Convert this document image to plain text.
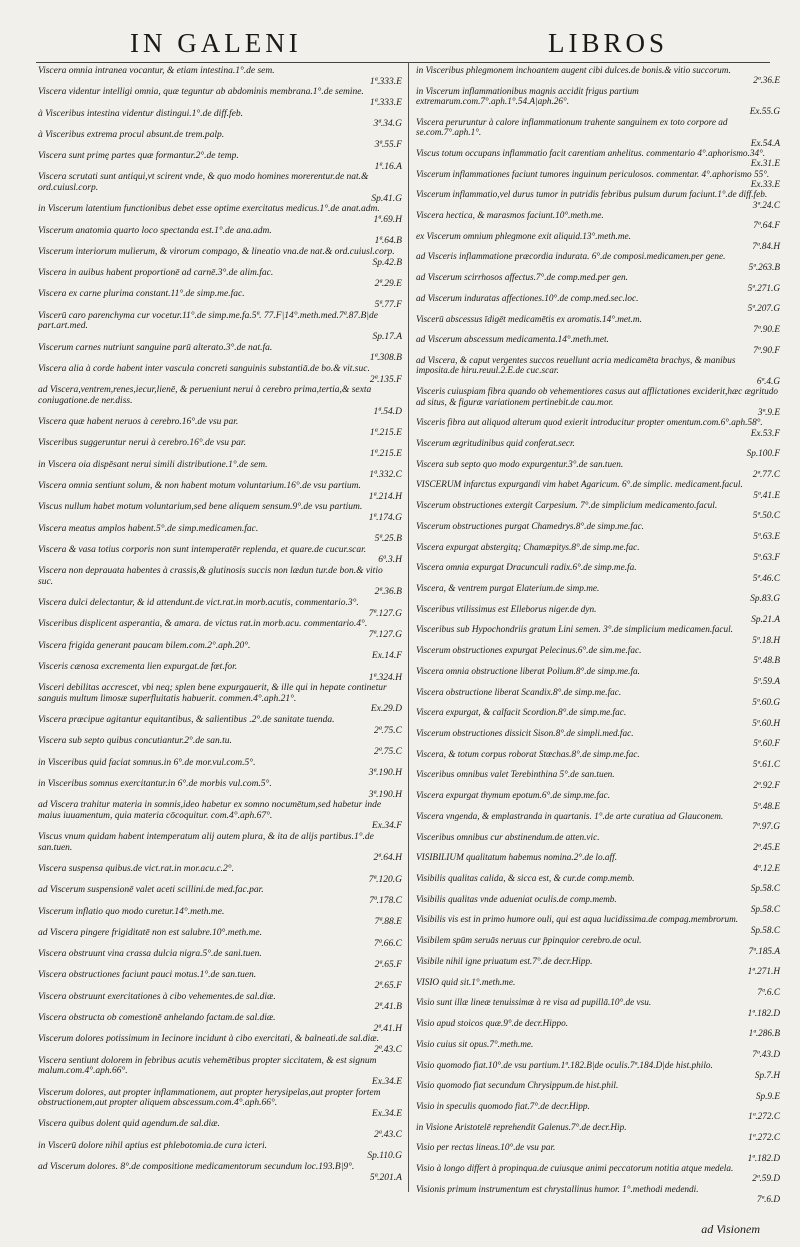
IN GALENI	LIBROS
Viscera omnia intranea vocantur, & etiam intestina.1°.de sem.
1ª.333.E
Viscera videntur intelligi omnia, quæ teguntur ab abdominis membrana.1°.de semine.
1ª.333.E
à Visceribus intestina videntur distingui.1°.de diff.feb.
3ª.34.G
à Visceribus extrema procul absunt.de trem.palp.
3ª.55.F
Viscera sunt primę partes quæ formantur.2°.de temp.
1ª.16.A
Viscera scrutati sunt antiqui,vt scirent vnde, & quo modo homines morerentur.de nat.& ord.cuiusl.corp.
Sp.41.G
in Viscerum latentium functionibus debet esse optime exercitatus medicus.1°.de anat.adm.
1ª.69.H
Viscerum anatomia quarto loco spectanda est.1°.de ana.adm.
1ª.64.B
Viscerum interiorum mulierum, & virorum compago, & lineatio vna.de nat.& ord.cuiusl.corp.
Sp.42.B
Viscera in auibus habent proportionē ad carnē.3°.de alim.fac.
2ª.29.E
Viscera ex carne plurima constant.11°.de simp.me.fac.
5ª.77.F
Viscerū caro parenchyma cur vocetur.11°.de simp.me.fa.5ª. 77.F|14°.meth.med.7ª.87.B|de part.art.med.
Sp.17.A
Viscerum carnes nutriunt sanguine parū alterato.3°.de nat.fa.
1ª.308.B
Viscera alia à corde habent inter vascula concreti sanguinis substantiā.de bo.& vit.suc.
2ª.135.F
ad Viscera,ventrem,renes,iecur,lienē, & perueniunt nerui à cerebro prima,tertia,& sexta coniugatione.de ner.diss.
1ª.54.D
Viscera quæ habent neruos à cerebro.16°.de vsu par.
1ª.215.E
Visceribus suggeruntur nerui à cerebro.16°.de vsu par.
1ª.215.E
in Viscera oia dispēsant nerui simili distributione.1°.de sem.
1ª.332.C
Viscera omnia sentiunt solum, & non habent motum voluntarium.16°.de vsu partium.
1ª.214.H
Viscus nullum habet motum voluntarium,sed bene aliquem sensum.9°.de vsu partium.
1ª.174.G
Viscera meatus amplos habent.5°.de simp.medicamen.fac.
5ª.25.B
Viscera & vasa totius corporis non sunt intemperatēr replenda, et quare.de cucur.scar.
6ª.3.H
Viscera non deprauata habentes à crassis,& glutinosis succis non lædun tur.de bon.& vitio suc.
2ª.36.B
Viscera dulci delectantur, & id attendunt.de vict.rat.in morb.acutis, commentario.3°.
7ª.127.G
Visceribus displicent asperantia, & amara. de victus rat.in morb.acu. commentario.4°.
7ª.127.G
Viscera frigida generant paucam bilem.com.2°.aph.20°.
Ex.14.F
Visceris cænosa excrementa lien expurgat.de fœt.for.
1ª.324.H
Visceri debilitas accrescet, vbi neq; splen bene expurgauerit, & ille qui in hepate continetur sanguis multum limosæ superfluitatis habuerit. commen.4°.aph.21°.
Ex.29.D
Viscera præcipue agitantur equitantibus, & salientibus .2°.de sanitate tuenda.
2ª.75.C
Viscera sub septo quibus concutiantur.2°.de san.tu.
2ª.75.C
in Visceribus quid faciat somnus.in 6°.de mor.vul.com.5°.
3ª.190.H
in Visceribus somnus exercitantur.in 6°.de morbis vul.com.5°.
3ª.190.H
ad Viscera trahitur materia in somnis,ideo habetur ex somno nocumētum,sed habetur inde maius iuuamentum, quia materia cōcoquitur. com.4°.aph.67°.
Ex.34.F
Viscus vnum quidam habent intemperatum alij autem plura, & ita de alijs partibus.1°.de san.tuen.
2ª.64.H
Viscera suspensa quibus.de vict.rat.in mor.acu.c.2°.
7ª.120.G
ad Viscerum suspensionē valet aceti scillini.de med.fac.par.
7ª.178.C
Viscerum inflatio quo modo curetur.14°.meth.me.
7ª.88.E
ad Viscera pingere frigiditatē non est salubre.10°.meth.me.
7ª.66.C
Viscera obstruunt vina crassa dulcia nigra.5°.de sani.tuen.
2ª.65.F
Viscera obstructiones faciunt pauci motus.1°.de san.tuen.
2ª.65.F
Viscera obstruunt exercitationes à cibo vehementes.de sal.diæ.
2ª.41.B
Viscera obstructa ob comestionē anhelando factam.de sal.diæ.
2ª.41.H
Viscerum dolores potissimum in Iecinore incidunt à cibo exercitati, & balneati.de sal.diæ.
2ª.43.C
Viscera sentiunt dolorem in febribus acutis vehemētibus propter siccitatem, & est signum malum.com.4°.aph.66°.
Ex.34.E
Viscerum dolores, aut propter inflammationem, aut propter herysipelas,aut propter fortem obstructionem,aut propter aliquem abscessum.com.4°.aph.66°.
Ex.34.E
Viscera quibus dolent quid agendum.de sal.diæ.
2ª.43.C
in Viscerū dolore nihil aptius est phlebotomia.de cura icteri.
Sp.110.G
ad Viscerum dolores. 8°.de compositione medicamentorum secundum loc.193.B|9°.
5ª.201.A
in Visceribus phlegmonem inchoantem augent cibi dulces.de bonis.& vitio succorum.
2ª.36.E
in Viscerum inflammationibus magnis accidit frigus partium extremarum.com.7°.aph.1°.54.A|aph.26°.
Ex.55.G
Viscera peruruntur à calore inflammationum trahente sanguinem ex toto corpore ad se.com.7°.aph.1°.
Ex.54.A
Viscus totum occupans inflammatio facit carentiam anhelitus. commentario 4°.aphorismo.34°.
Ex.31.E
Viscerum inflammationes faciunt tumores inguinum periculosos. commentar. 4°.aphorismo 55°.
Ex.33.E
Viscerum inflammatio,vel durus tumor in putridis febribus pulsum durum faciunt.1°.de diff.feb.
3ª.24.C
Viscera hectica, & marasmos faciunt.10°.meth.me.
7ª.64.F
ex Viscerum omnium phlegmone exit aliquid.13°.meth.me.
7ª.84.H
ad Visceris inflammatione præcordia indurata. 6°.de composi.medicamen.per gene.
5ª.263.B
ad Viscerum scirrhosos affectus.7°.de comp.med.per gen.
5ª.271.G
ad Viscerum induratas affectiones.10°.de comp.med.sec.loc.
5ª.207.G
Viscerū abscessus īdigēt medicamētis ex aromatis.14°.met.m.
7ª.90.E
ad Viscerum abscessum medicamenta.14°.meth.met.
7ª.90.F
ad Viscera, & caput vergentes succos reuellunt acria medicamēta brachys, & manibus imposita.de hiru.reuul.2.E.de cuc.scar.
6ª.4.G
Visceris cuiuspiam fibra quando ob vehementiores casus aut afflictationes exciderit,hæc ægritudo ad situs, & figuræ variationem pertinebit.de cau.mor.
3ª.9.E
Visceris fibra aut aliquod alterum quod exierit introducitur propter omentum.com.6°.aph.58°.
Ex.53.F
Viscerum ægritudinibus quid conferat.secr.
Sp.100.F
Viscera sub septo quo modo expurgentur.3°.de san.tuen.
2ª.77.C
VISCERUM infarctus expurgandi vim habet Agaricum. 6°.de simplic. medicament.facul.
5ª.41.E
Viscerum obstructiones extergit Carpesium. 7°.de simplicium medicamento.facul.
5ª.50.C
Viscerum obstructiones purgat Chamedrys.8°.de simp.me.fac.
5ª.63.E
Viscera expurgat abstergitq; Chamæpitys.8°.de simp.me.fac.
5ª.63.F
Viscera omnia expurgat Dracunculi radix.6°.de simp.me.fa.
5ª.46.C
Viscera, & ventrem purgat Elaterium.de simp.me.
Sp.83.G
Visceribus vtilissimus est Elleborus niger.de dyn.
Sp.21.A
Visceribus sub Hypochondriis gratum Lini semen. 3°.de simplicium medicamen.facul.
5ª.18.H
Viscerum obstructiones expurgat Pelecinus.6°.de sim.me.fac.
5ª.48.B
Viscera omnia obstructione liberat Polium.8°.de simp.me.fa.
5ª.59.A
Viscera obstructione liberat Scandix.8°.de simp.me.fac.
5ª.60.G
Viscera expurgat, & calfacit Scordion.8°.de simp.me.fac.
5ª.60.H
Viscerum obstructiones dissicit Sison.8°.de simpli.med.fac.
5ª.60.F
Viscera, & totum corpus roborat Stœchas.8°.de simp.me.fac.
5ª.61.C
Visceribus omnibus valet Terebinthina 5°.de san.tuen.
2ª.92.F
Viscera expurgat thymum epotum.6°.de simp.me.fac.
5ª.48.E
Viscera vngenda, & emplastranda in quartanis. 1°.de arte curatiua ad Glauconem.
7ª.97.G
Visceribus omnibus cur abstinendum.de atten.vic.
2ª.45.E
VISIBILIUM qualitatum habemus nomina.2°.de lo.aff.
4ª.12.E
Visibilis qualitas calida, & sicca est, & cur.de comp.memb.
Sp.58.C
Visibilis qualitas vnde adueniat oculis.de comp.memb.
Sp.58.C
Visibilis vis est in primo humore ouli, qui est aqua lucidissima.de compag.membrorum.
Sp.58.C
Visibilem spūm seruās neruus cur p̄pinquior cerebro.de ocul.
7ª.185.A
Visibile nihil igne priuatum est.7°.de decr.Hipp.
1ª.271.H
VISIO quid sit.1°.meth.me.
7ª.6.C
Visio sunt illæ lineæ tenuissimæ à re visa ad pupillā.10°.de vsu.
1ª.182.D
Visio apud stoicos quæ.9°.de decr.Hippo.
1ª.286.B
Visio cuius sit opus.7°.meth.me.
7ª.43.D
Visio quomodo fiat.10°.de vsu partium.1ª.182.B|de oculis.7ª.184.D|de hist.philo.
Sp.7.H
Visio quomodo fiat secundum Chrysippum.de hist.phil.
Sp.9.E
Visio in speculis quomodo fiat.7°.de decr.Hipp.
1ª.272.C
in Visione Aristotelē reprehendit Galenus.7°.de decr.Hip.
1ª.272.C
Visio per rectas lineas.10°.de vsu par.
1ª.182.D
Visio à longo differt à propinqua.de cuiusque animi peccatorum notitia atque medela.
2ª.59.D
Visionis primum instrumentum est chrystallinus humor. 1°.methodi medendi.
7ª.6.D
ad Visionem
